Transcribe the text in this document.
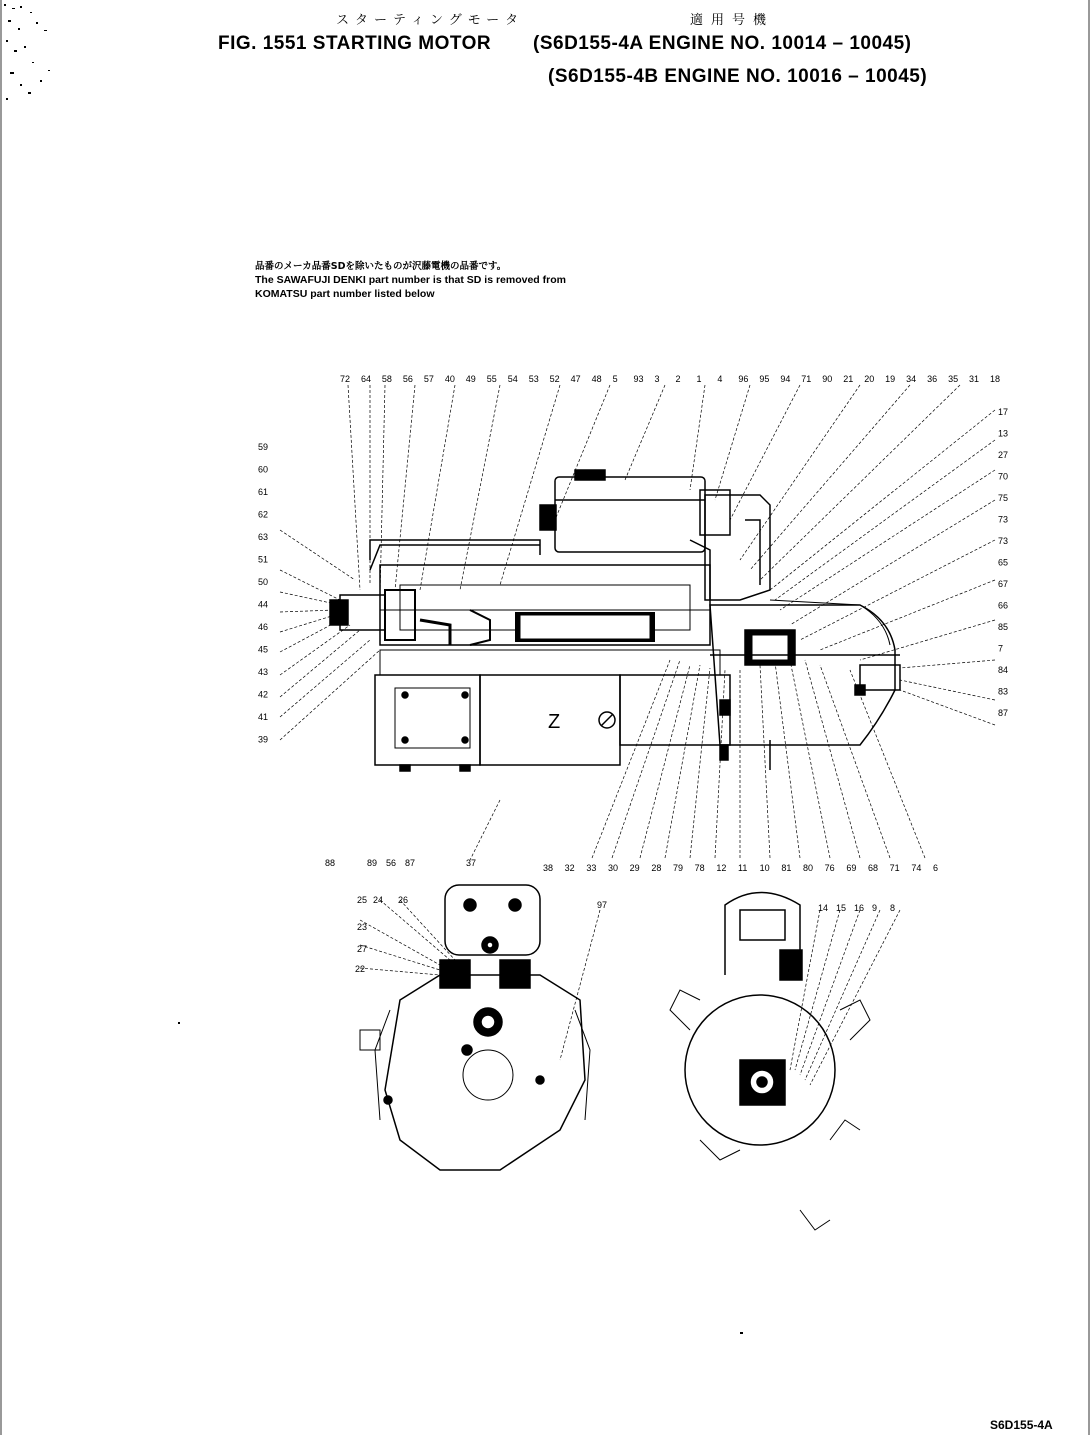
スターティングモータ	適用号機
FIG. 1551 STARTING MOTOR (S6D155-4A ENGINE NO. 10014 – 10045)
(S6D155-4B ENGINE NO. 10016 – 10045)
品番のメーカ品番SDを除いたものが沢藤電機の品番です。
The SAWAFUJI DENKI part number is that SD is removed from
KOMATSU part number listed below
S6D155-4A
Z
72 64 58 56 57 40 49 55 54 53 52 47 48 5 93 3 2 1 4 96 95 94 71 90 21 20 19 34 36 35 31 18
59
60
61
62
63
51
50
44
46
45
43
42
41
39
17
13
27
70
75
73
73
65
67
66
85
7
84
83
87
38 32 33 30 29 28 79 78 12 11 10 81 80 76 69 68 71 74 6
88	89 56 87	37
25 24 26
23
27
22
97	14 15 16 9 8
